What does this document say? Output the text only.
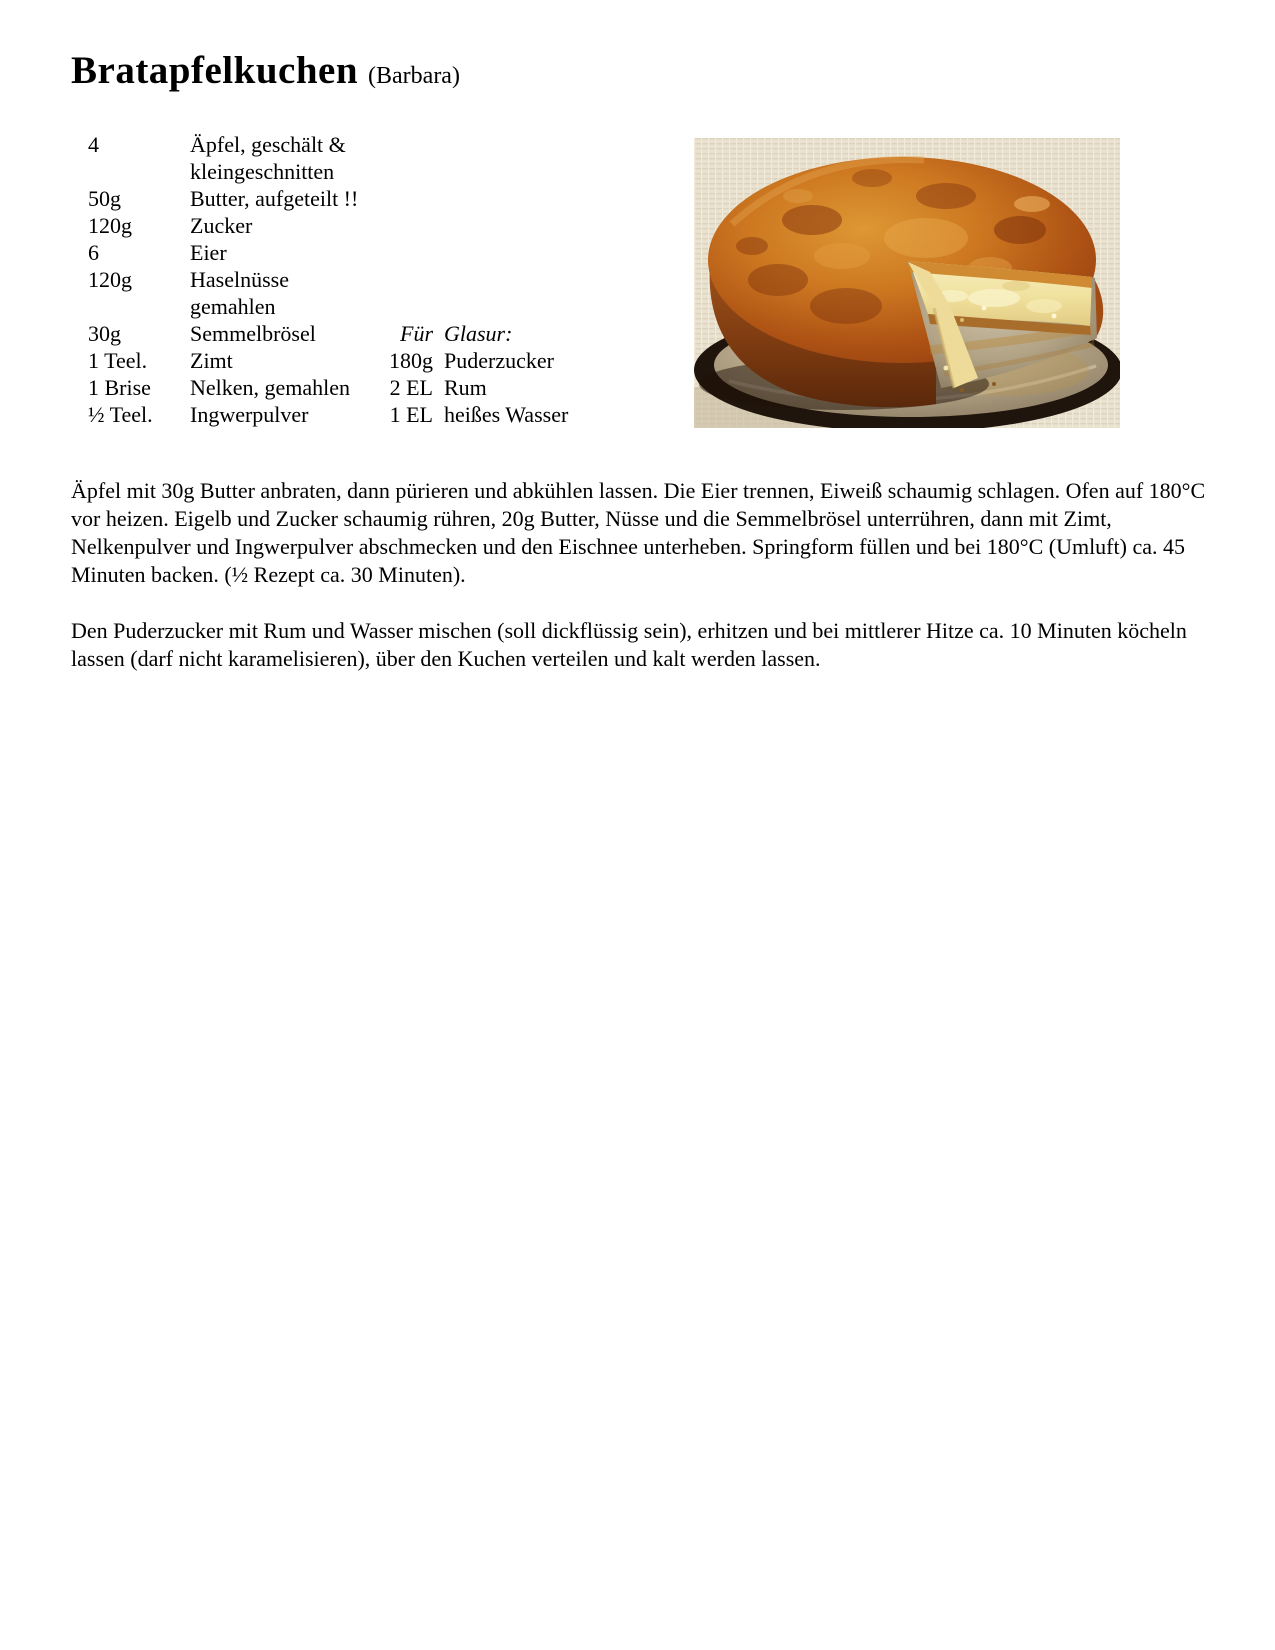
Bratapfelkuchen (Barbara)
4	Äpfel, geschält &
kleingeschnitten
50g	Butter, aufgeteilt !!
120g	Zucker
6	Eier
120g	Haselnüsse
gemahlen
30g	Semmelbrösel	Für Glasur:
1 Teel.	Zimt	180g Puderzucker
1 Brise	Nelken, gemahlen	2 EL Rum
½ Teel.	Ingwerpulver	1 EL heißes Wasser

Äpfel mit 30g Butter anbraten, dann pürieren und abkühlen lassen. Die Eier trennen, Eiweiß schaumig schlagen. Ofen auf 180°C vor heizen. Eigelb und Zucker schaumig rühren, 20g Butter, Nüsse und die Semmelbrösel unterrühren, dann mit Zimt, Nelkenpulver und Ingwerpulver abschmecken und den Eischnee unterheben. Springform füllen und bei 180°C (Umluft) ca. 45 Minuten backen. (½ Rezept ca. 30 Minuten).

Den Puderzucker mit Rum und Wasser mischen (soll dickflüssig sein), erhitzen und bei mittlerer Hitze ca. 10 Minuten köcheln lassen (darf nicht karamelisieren), über den Kuchen verteilen und kalt werden lassen.
